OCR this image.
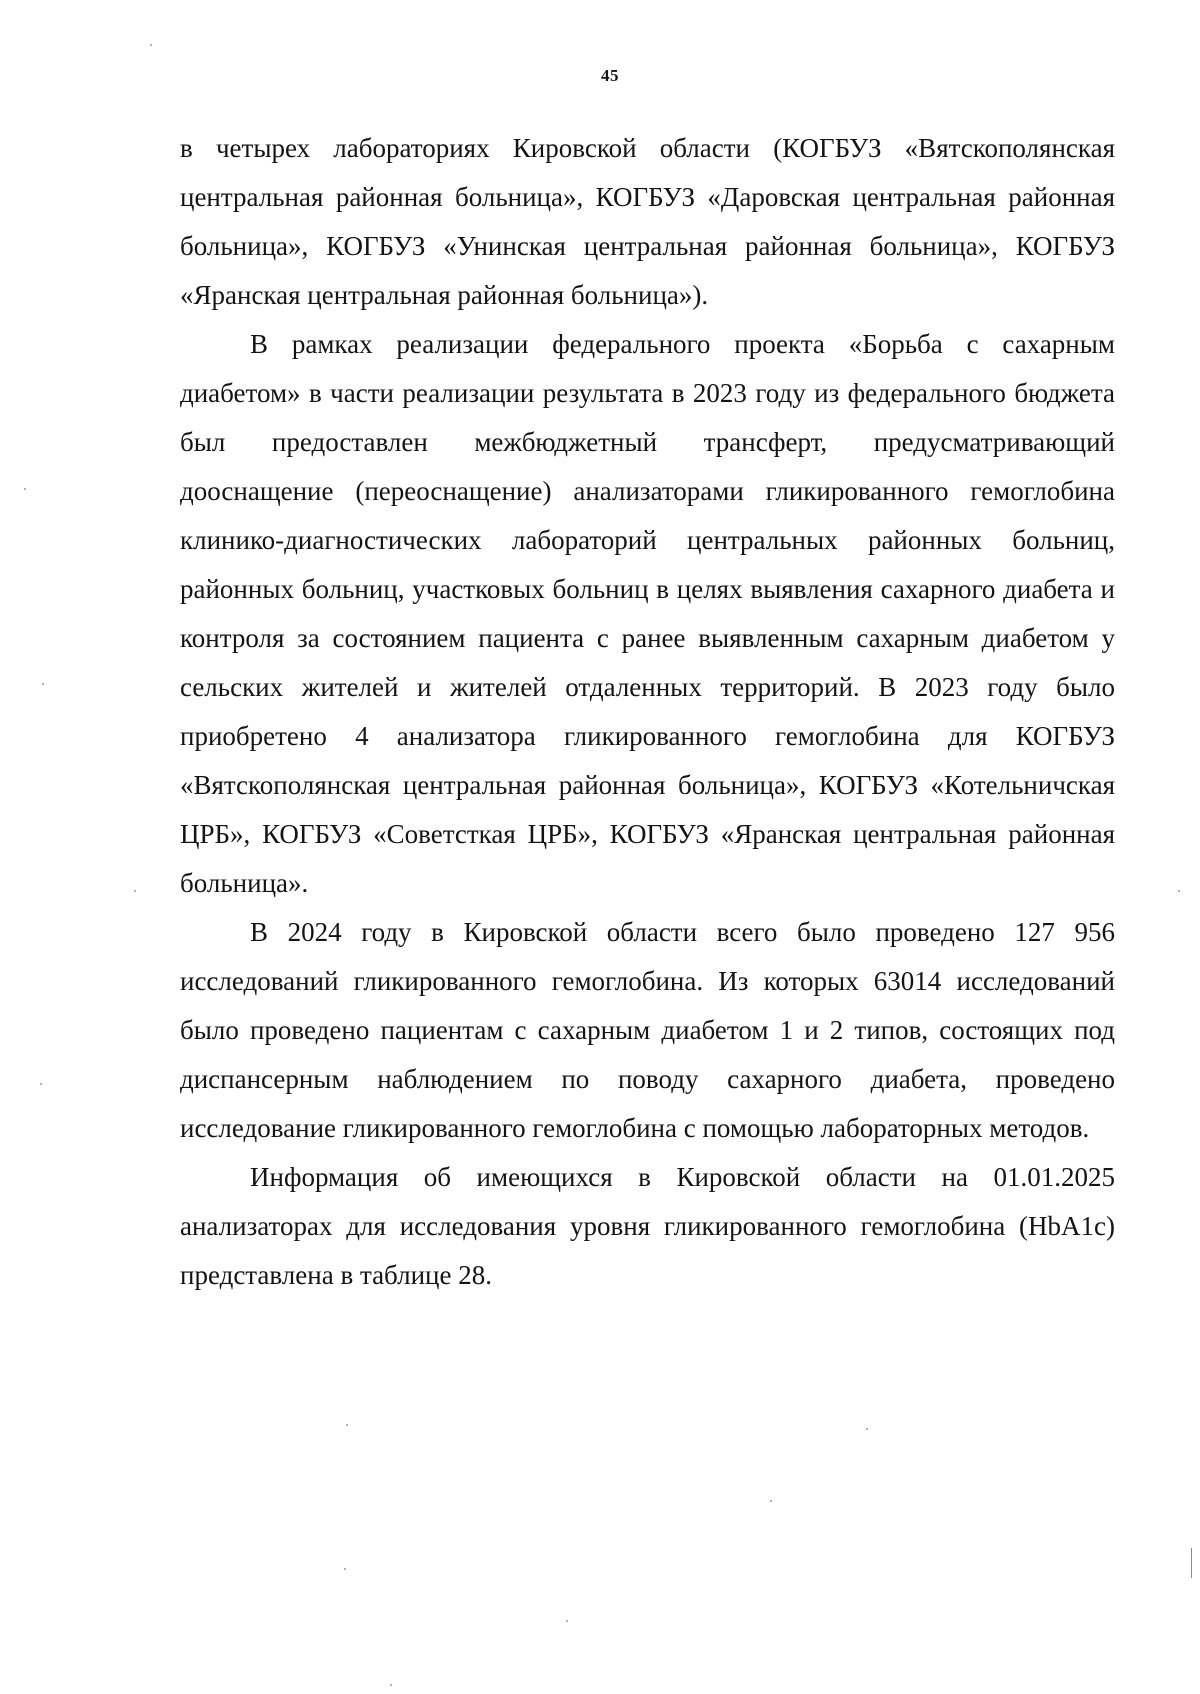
45

в четырех лабораториях Кировской области (КОГБУЗ «Вятскополянская центральная районная больница», КОГБУЗ «Даровская центральная районная больница», КОГБУЗ «Унинская центральная районная больница», КОГБУЗ «Яранская центральная районная больница»).

В рамках реализации федерального проекта «Борьба с сахарным диабетом» в части реализации результата в 2023 году из федерального бюджета был предоставлен межбюджетный трансферт, предусматривающий дооснащение (переоснащение) анализаторами гликированного гемоглобина клинико-диагностических лабораторий центральных районных больниц, районных больниц, участковых больниц в целях выявления сахарного диабета и контроля за состоянием пациента с ранее выявленным сахарным диабетом у сельских жителей и жителей отдаленных территорий. В 2023 году было приобретено 4 анализатора гликированного гемоглобина для КОГБУЗ «Вятскополянская центральная районная больница», КОГБУЗ «Котельничская ЦРБ», КОГБУЗ «Советсткая ЦРБ», КОГБУЗ «Яранская центральная районная больница».

В 2024 году в Кировской области всего было проведено 127 956 исследований гликированного гемоглобина. Из которых 63014 исследований было проведено пациентам с сахарным диабетом 1 и 2 типов, состоящих под диспансерным наблюдением по поводу сахарного диабета, проведено исследование гликированного гемоглобина с помощью лабораторных методов.

Информация об имеющихся в Кировской области на 01.01.2025 анализаторах для исследования уровня гликированного гемоглобина (HbA1c) представлена в таблице 28.
